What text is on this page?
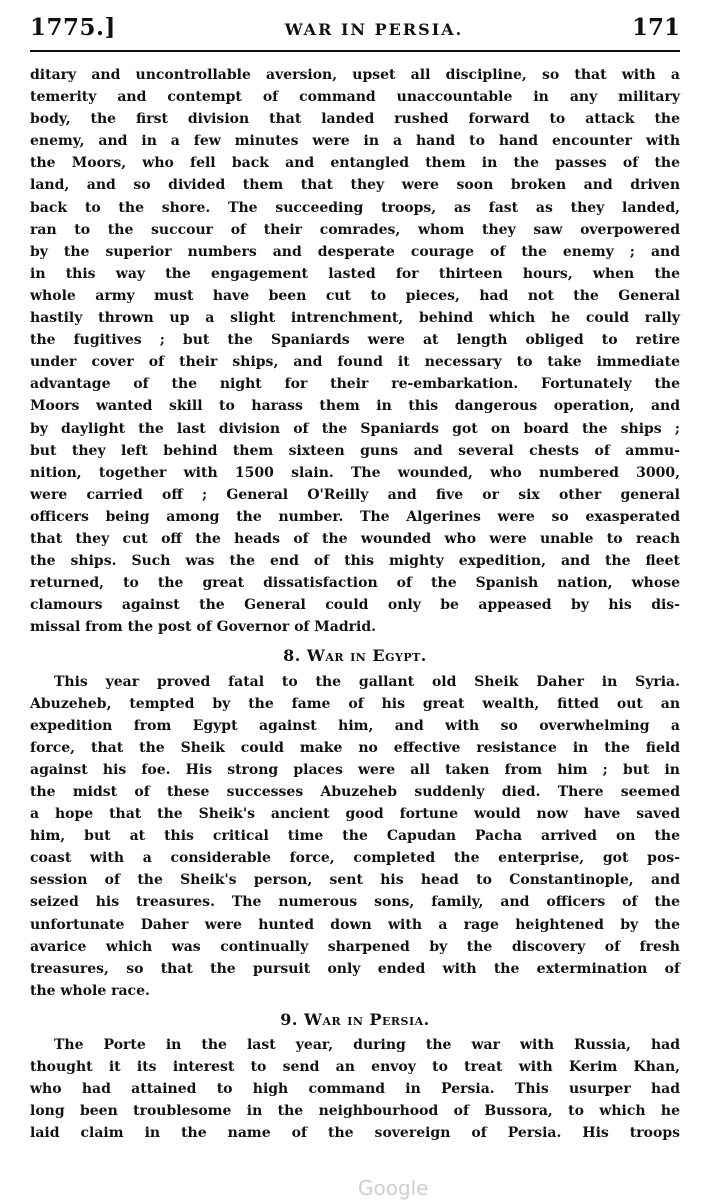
1775.]	WAR IN PERSIA.	171
ditary and uncontrollable aversion, upset all discipline, so that with a
temerity and contempt of command unaccountable in any military
body, the first division that landed rushed forward to attack the
enemy, and in a few minutes were in a hand to hand encounter with
the Moors, who fell back and entangled them in the passes of the
land, and so divided them that they were soon broken and driven
back to the shore. The succeeding troops, as fast as they landed,
ran to the succour of their comrades, whom they saw overpowered
by the superior numbers and desperate courage of the enemy ; and
in this way the engagement lasted for thirteen hours, when the
whole army must have been cut to pieces, had not the General
hastily thrown up a slight intrenchment, behind which he could rally
the fugitives ; but the Spaniards were at length obliged to retire
under cover of their ships, and found it necessary to take immediate
advantage of the night for their re-embarkation. Fortunately the
Moors wanted skill to harass them in this dangerous operation, and
by daylight the last division of the Spaniards got on board the ships ;
but they left behind them sixteen guns and several chests of ammu-
nition, together with 1500 slain. The wounded, who numbered 3000,
were carried off ; General O'Reilly and five or six other general
officers being among the number. The Algerines were so exasperated
that they cut off the heads of the wounded who were unable to reach
the ships. Such was the end of this mighty expedition, and the fleet
returned, to the great dissatisfaction of the Spanish nation, whose
clamours against the General could only be appeased by his dis-
missal from the post of Governor of Madrid.
8. War in Egypt.
This year proved fatal to the gallant old Sheik Daher in Syria.
Abuzeheb, tempted by the fame of his great wealth, fitted out an
expedition from Egypt against him, and with so overwhelming a
force, that the Sheik could make no effective resistance in the field
against his foe. His strong places were all taken from him ; but in
the midst of these successes Abuzeheb suddenly died. There seemed
a hope that the Sheik's ancient good fortune would now have saved
him, but at this critical time the Capudan Pacha arrived on the
coast with a considerable force, completed the enterprise, got pos-
session of the Sheik's person, sent his head to Constantinople, and
seized his treasures. The numerous sons, family, and officers of the
unfortunate Daher were hunted down with a rage heightened by the
avarice which was continually sharpened by the discovery of fresh
treasures, so that the pursuit only ended with the extermination of
the whole race.
9. War in Persia.
The Porte in the last year, during the war with Russia, had
thought it its interest to send an envoy to treat with Kerim Khan,
who had attained to high command in Persia. This usurper had
long been troublesome in the neighbourhood of Bussora, to which he
laid claim in the name of the sovereign of Persia. His troops
Google
